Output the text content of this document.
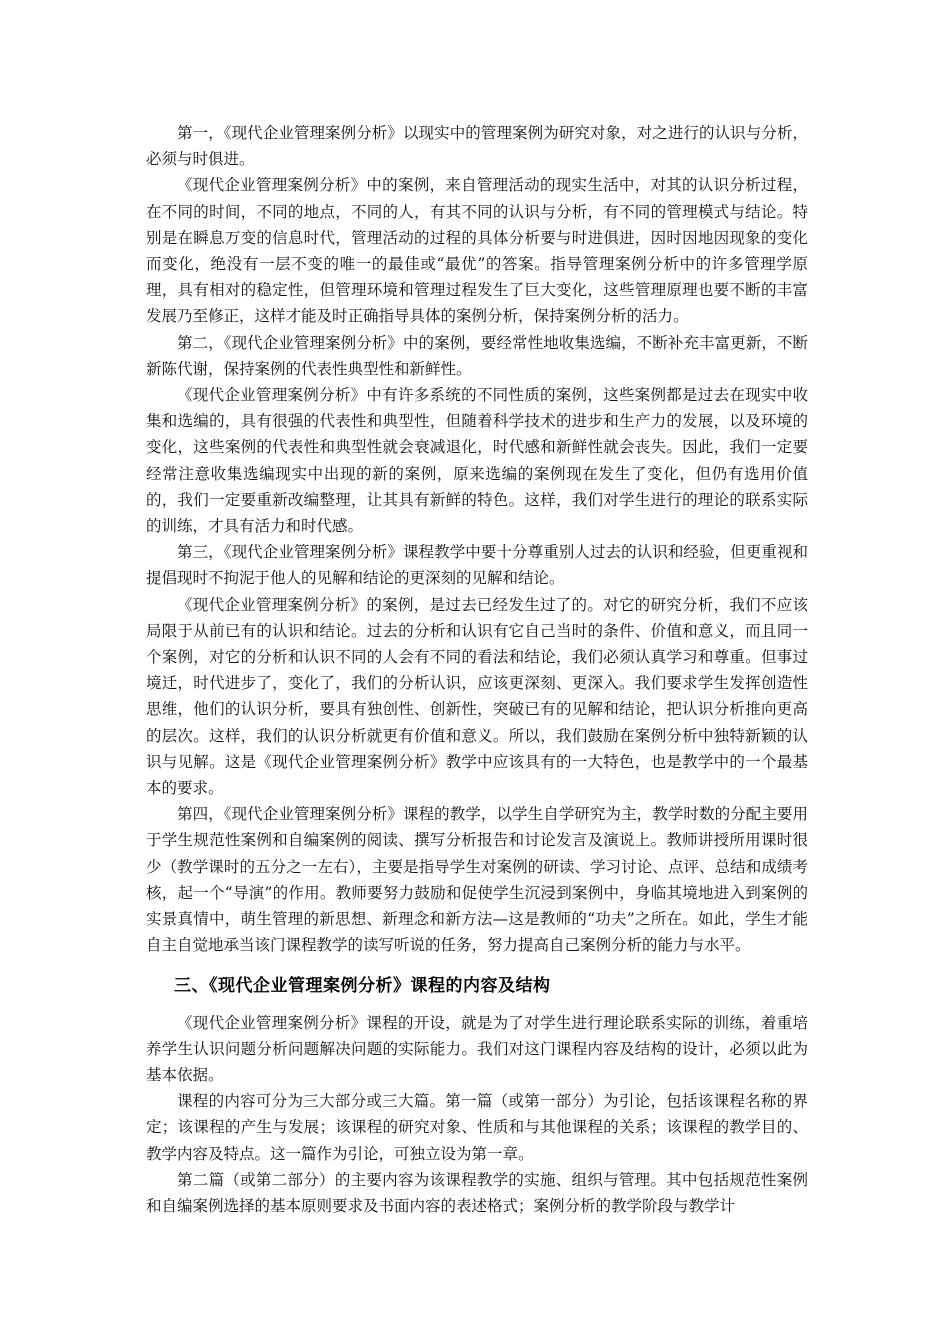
第一，《现代企业管理案例分析》以现实中的管理案例为研究对象，对之进行的认识与分析，必须与时俱进。

《现代企业管理案例分析》中的案例，来自管理活动的现实生活中，对其的认识分析过程，在不同的时间，不同的地点，不同的人，有其不同的认识与分析，有不同的管理模式与结论。特别是在瞬息万变的信息时代，管理活动的过程的具体分析要与时进俱进，因时因地因现象的变化而变化，绝没有一层不变的唯一的最佳或“最优”的答案。指导管理案例分析中的许多管理学原理，具有相对的稳定性，但管理环境和管理过程发生了巨大变化，这些管理原理也要不断的丰富发展乃至修正，这样才能及时正确指导具体的案例分析，保持案例分析的活力。

第二，《现代企业管理案例分析》中的案例，要经常性地收集选编，不断补充丰富更新，不断新陈代谢，保持案例的代表性典型性和新鲜性。

《现代企业管理案例分析》中有许多系统的不同性质的案例，这些案例都是过去在现实中收集和选编的，具有很强的代表性和典型性，但随着科学技术的进步和生产力的发展，以及环境的变化，这些案例的代表性和典型性就会衰减退化，时代感和新鲜性就会丧失。因此，我们一定要经常注意收集选编现实中出现的新的案例，原来选编的案例现在发生了变化，但仍有选用价值的，我们一定要重新改编整理，让其具有新鲜的特色。这样，我们对学生进行的理论的联系实际的训练，才具有活力和时代感。

第三，《现代企业管理案例分析》课程教学中要十分尊重别人过去的认识和经验，但更重视和提倡现时不拘泥于他人的见解和结论的更深刻的见解和结论。

《现代企业管理案例分析》的案例，是过去已经发生过了的。对它的研究分析，我们不应该局限于从前已有的认识和结论。过去的分析和认识有它自己当时的条件、价值和意义，而且同一个案例，对它的分析和认识不同的人会有不同的看法和结论，我们必须认真学习和尊重。但事过境迁，时代进步了，变化了，我们的分析认识，应该更深刻、更深入。我们要求学生发挥创造性思维，他们的认识分析，要具有独创性、创新性，突破已有的见解和结论，把认识分析推向更高的层次。这样，我们的认识分析就更有价值和意义。所以，我们鼓励在案例分析中独特新颖的认识与见解。这是《现代企业管理案例分析》教学中应该具有的一大特色，也是教学中的一个最基本的要求。

第四，《现代企业管理案例分析》课程的教学，以学生自学研究为主，教学时数的分配主要用于学生规范性案例和自编案例的阅读、撰写分析报告和讨论发言及演说上。教师讲授所用课时很少（教学课时的五分之一左右），主要是指导学生对案例的研读、学习讨论、点评、总结和成绩考核，起一个“导演”的作用。教师要努力鼓励和促使学生沉浸到案例中，身临其境地进入到案例的实景真情中，萌生管理的新思想、新理念和新方法—这是教师的“功夫”之所在。如此，学生才能自主自觉地承当该门课程教学的读写听说的任务，努力提高自己案例分析的能力与水平。

三、《现代企业管理案例分析》课程的内容及结构

《现代企业管理案例分析》课程的开设，就是为了对学生进行理论联系实际的训练，着重培养学生认识问题分析问题解决问题的实际能力。我们对这门课程内容及结构的设计，必须以此为基本依据。

课程的内容可分为三大部分或三大篇。第一篇（或第一部分）为引论，包括该课程名称的界定；该课程的产生与发展；该课程的研究对象、性质和与其他课程的关系；该课程的教学目的、教学内容及特点。这一篇作为引论，可独立设为第一章。

第二篇（或第二部分）的主要内容为该课程教学的实施、组织与管理。其中包括规范性案例和自编案例选择的基本原则要求及书面内容的表述格式；案例分析的教学阶段与教学计
